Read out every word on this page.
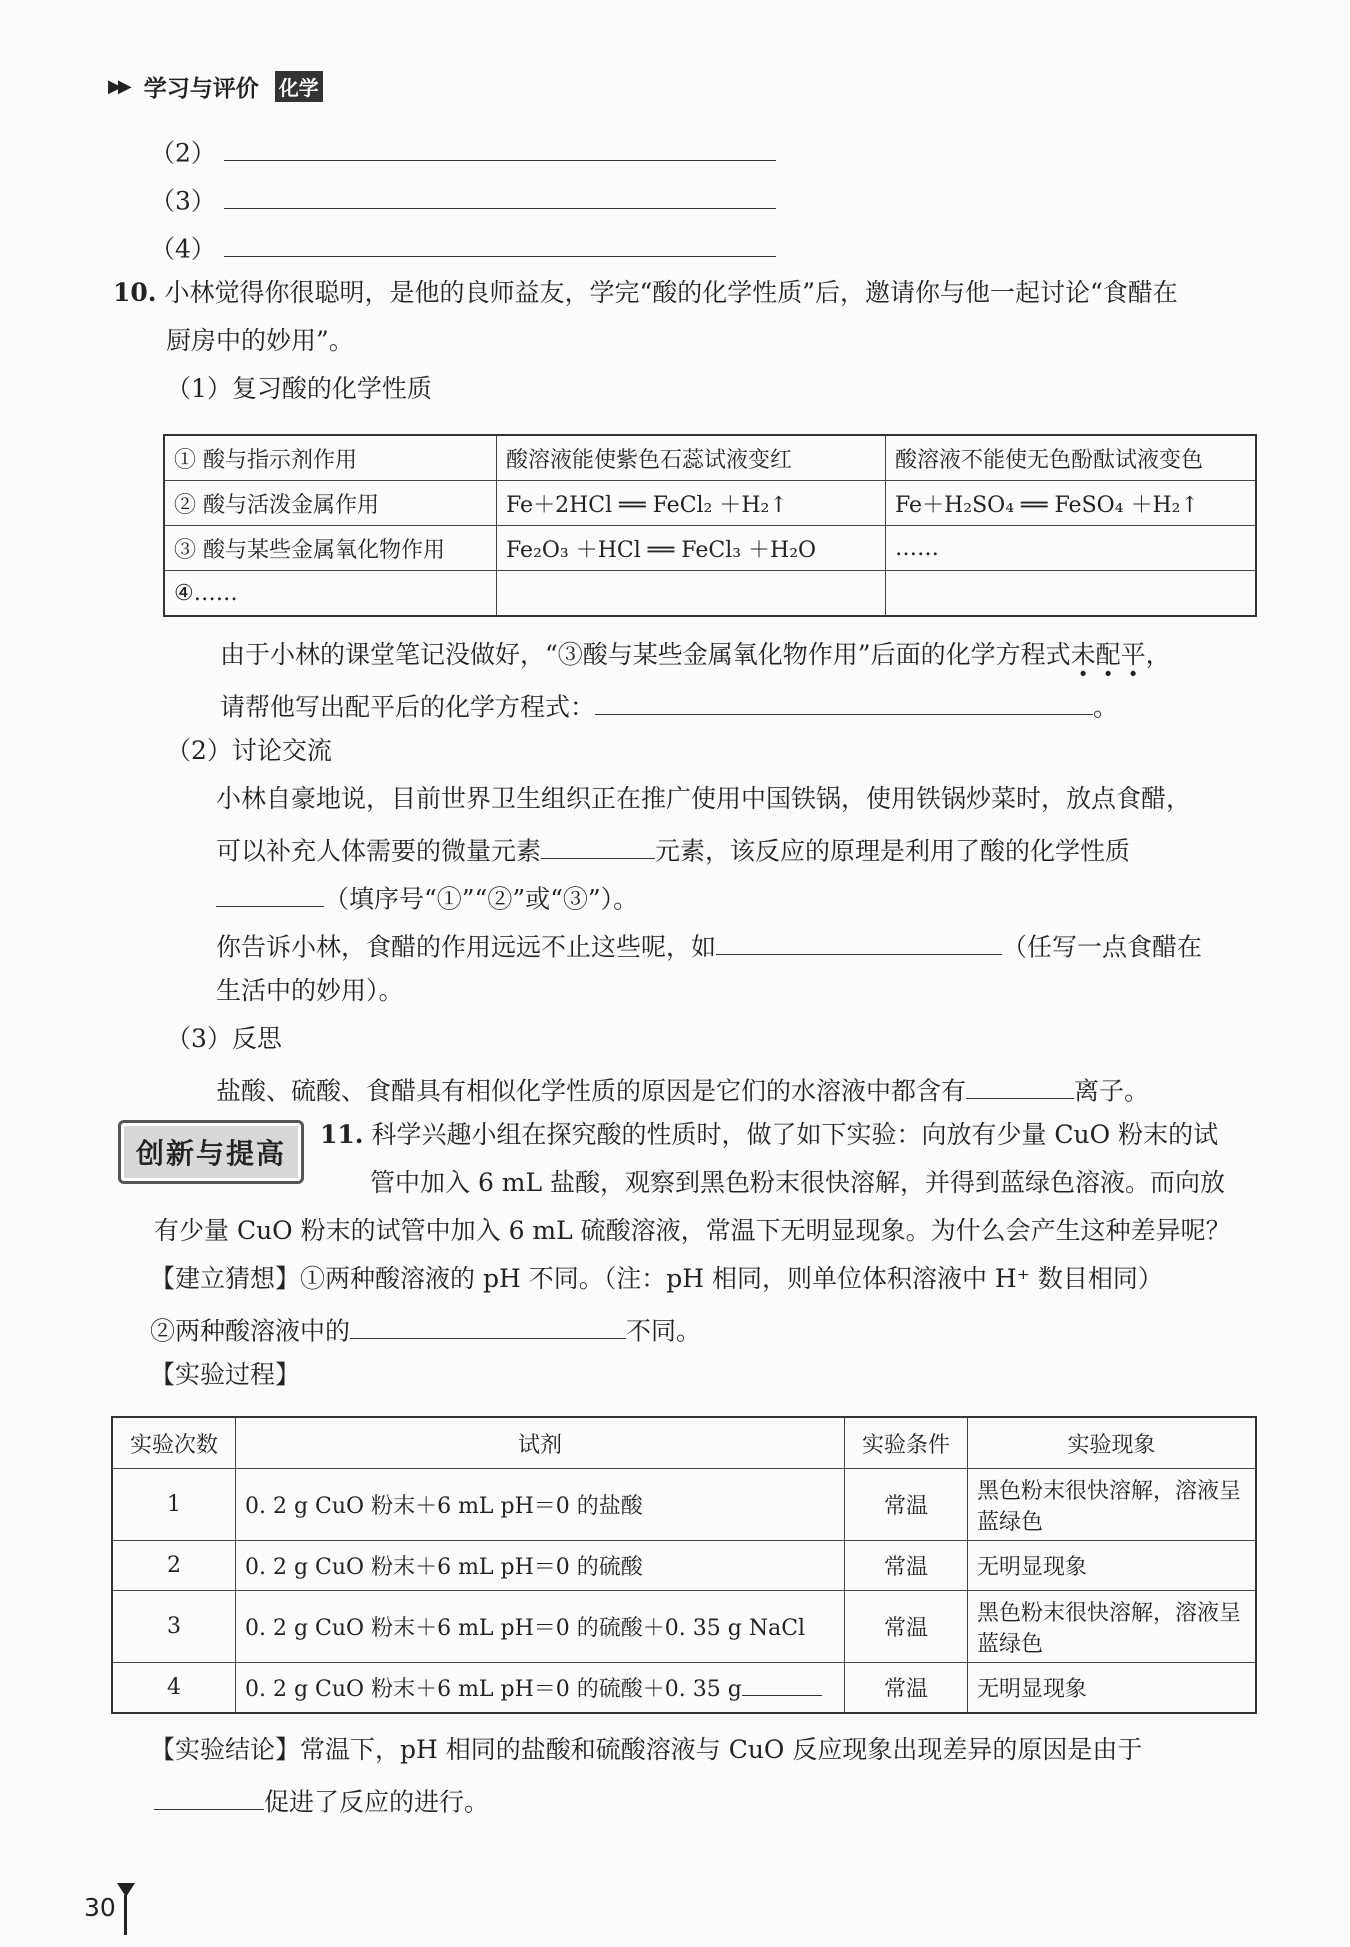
▶▶ 学习与评价 化学
（2）
（3）
（4）
10. 小林觉得你很聪明，是他的良师益友，学完“酸的化学性质”后，邀请你与他一起讨论“食醋在
厨房中的妙用”。
（1）复习酸的化学性质
① 酸与指示剂作用	酸溶液能使紫色石蕊试液变红	酸溶液不能使无色酚酞试液变色
② 酸与活泼金属作用	Fe＋2HCl ══ FeCl₂ ＋H₂↑	Fe＋H₂SO₄ ══ FeSO₄ ＋H₂↑
③ 酸与某些金属氧化物作用	Fe₂O₃ ＋HCl ══ FeCl₃ ＋H₂O	……
④……		
由于小林的课堂笔记没做好，“③酸与某些金属氧化物作用”后面的化学方程式未配平，
请帮他写出配平后的化学方程式：	。
（2）讨论交流
小林自豪地说，目前世界卫生组织正在推广使用中国铁锅，使用铁锅炒菜时，放点食醋，
可以补充人体需要的微量元素	元素，该反应的原理是利用了酸的化学性质
（填序号“①”“②”或“③”）。
你告诉小林，食醋的作用远远不止这些呢，如	（任写一点食醋在
生活中的妙用）。
（3）反思
盐酸、硫酸、食醋具有相似化学性质的原因是它们的水溶液中都含有	离子。
创新与提高
11. 科学兴趣小组在探究酸的性质时，做了如下实验：向放有少量 CuO 粉末的试
管中加入 6 mL 盐酸，观察到黑色粉末很快溶解，并得到蓝绿色溶液。而向放
有少量 CuO 粉末的试管中加入 6 mL 硫酸溶液，常温下无明显现象。为什么会产生这种差异呢？
【建立猜想】①两种酸溶液的 pH 不同。（注：pH 相同，则单位体积溶液中 H⁺ 数目相同）
②两种酸溶液中的	不同。
【实验过程】
实验次数	试剂	实验条件	实验现象
1	0. 2 g CuO 粉末＋6 mL pH＝0 的盐酸	常温	黑色粉末很快溶解，溶液呈蓝绿色
2	0. 2 g CuO 粉末＋6 mL pH＝0 的硫酸	常温	无明显现象
3	0. 2 g CuO 粉末＋6 mL pH＝0 的硫酸＋0. 35 g NaCl	常温	黑色粉末很快溶解，溶液呈蓝绿色
4	0. 2 g CuO 粉末＋6 mL pH＝0 的硫酸＋0. 35 g	常温	无明显现象
【实验结论】常温下，pH 相同的盐酸和硫酸溶液与 CuO 反应现象出现差异的原因是由于
促进了反应的进行。
30
